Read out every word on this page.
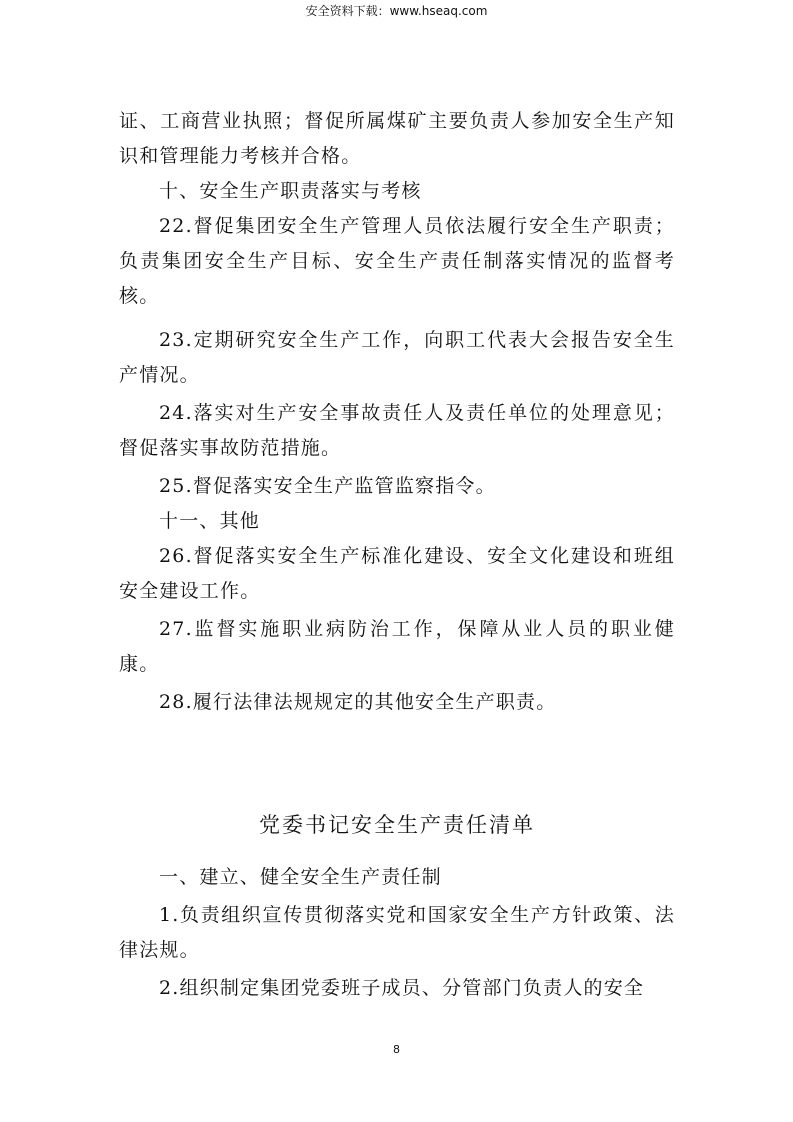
安全资料下载：www.hseaq.com

证、工商营业执照；督促所属煤矿主要负责人参加安全生产知识和管理能力考核并合格。

十、安全生产职责落实与考核

22.督促集团安全生产管理人员依法履行安全生产职责；负责集团安全生产目标、安全生产责任制落实情况的监督考核。

23.定期研究安全生产工作，向职工代表大会报告安全生产情况。

24.落实对生产安全事故责任人及责任单位的处理意见；督促落实事故防范措施。

25.督促落实安全生产监管监察指令。

十一、其他

26.督促落实安全生产标准化建设、安全文化建设和班组安全建设工作。

27.监督实施职业病防治工作，保障从业人员的职业健康。

28.履行法律法规规定的其他安全生产职责。

党委书记安全生产责任清单

一、建立、健全安全生产责任制

1.负责组织宣传贯彻落实党和国家安全生产方针政策、法律法规。

2.组织制定集团党委班子成员、分管部门负责人的安全

8
